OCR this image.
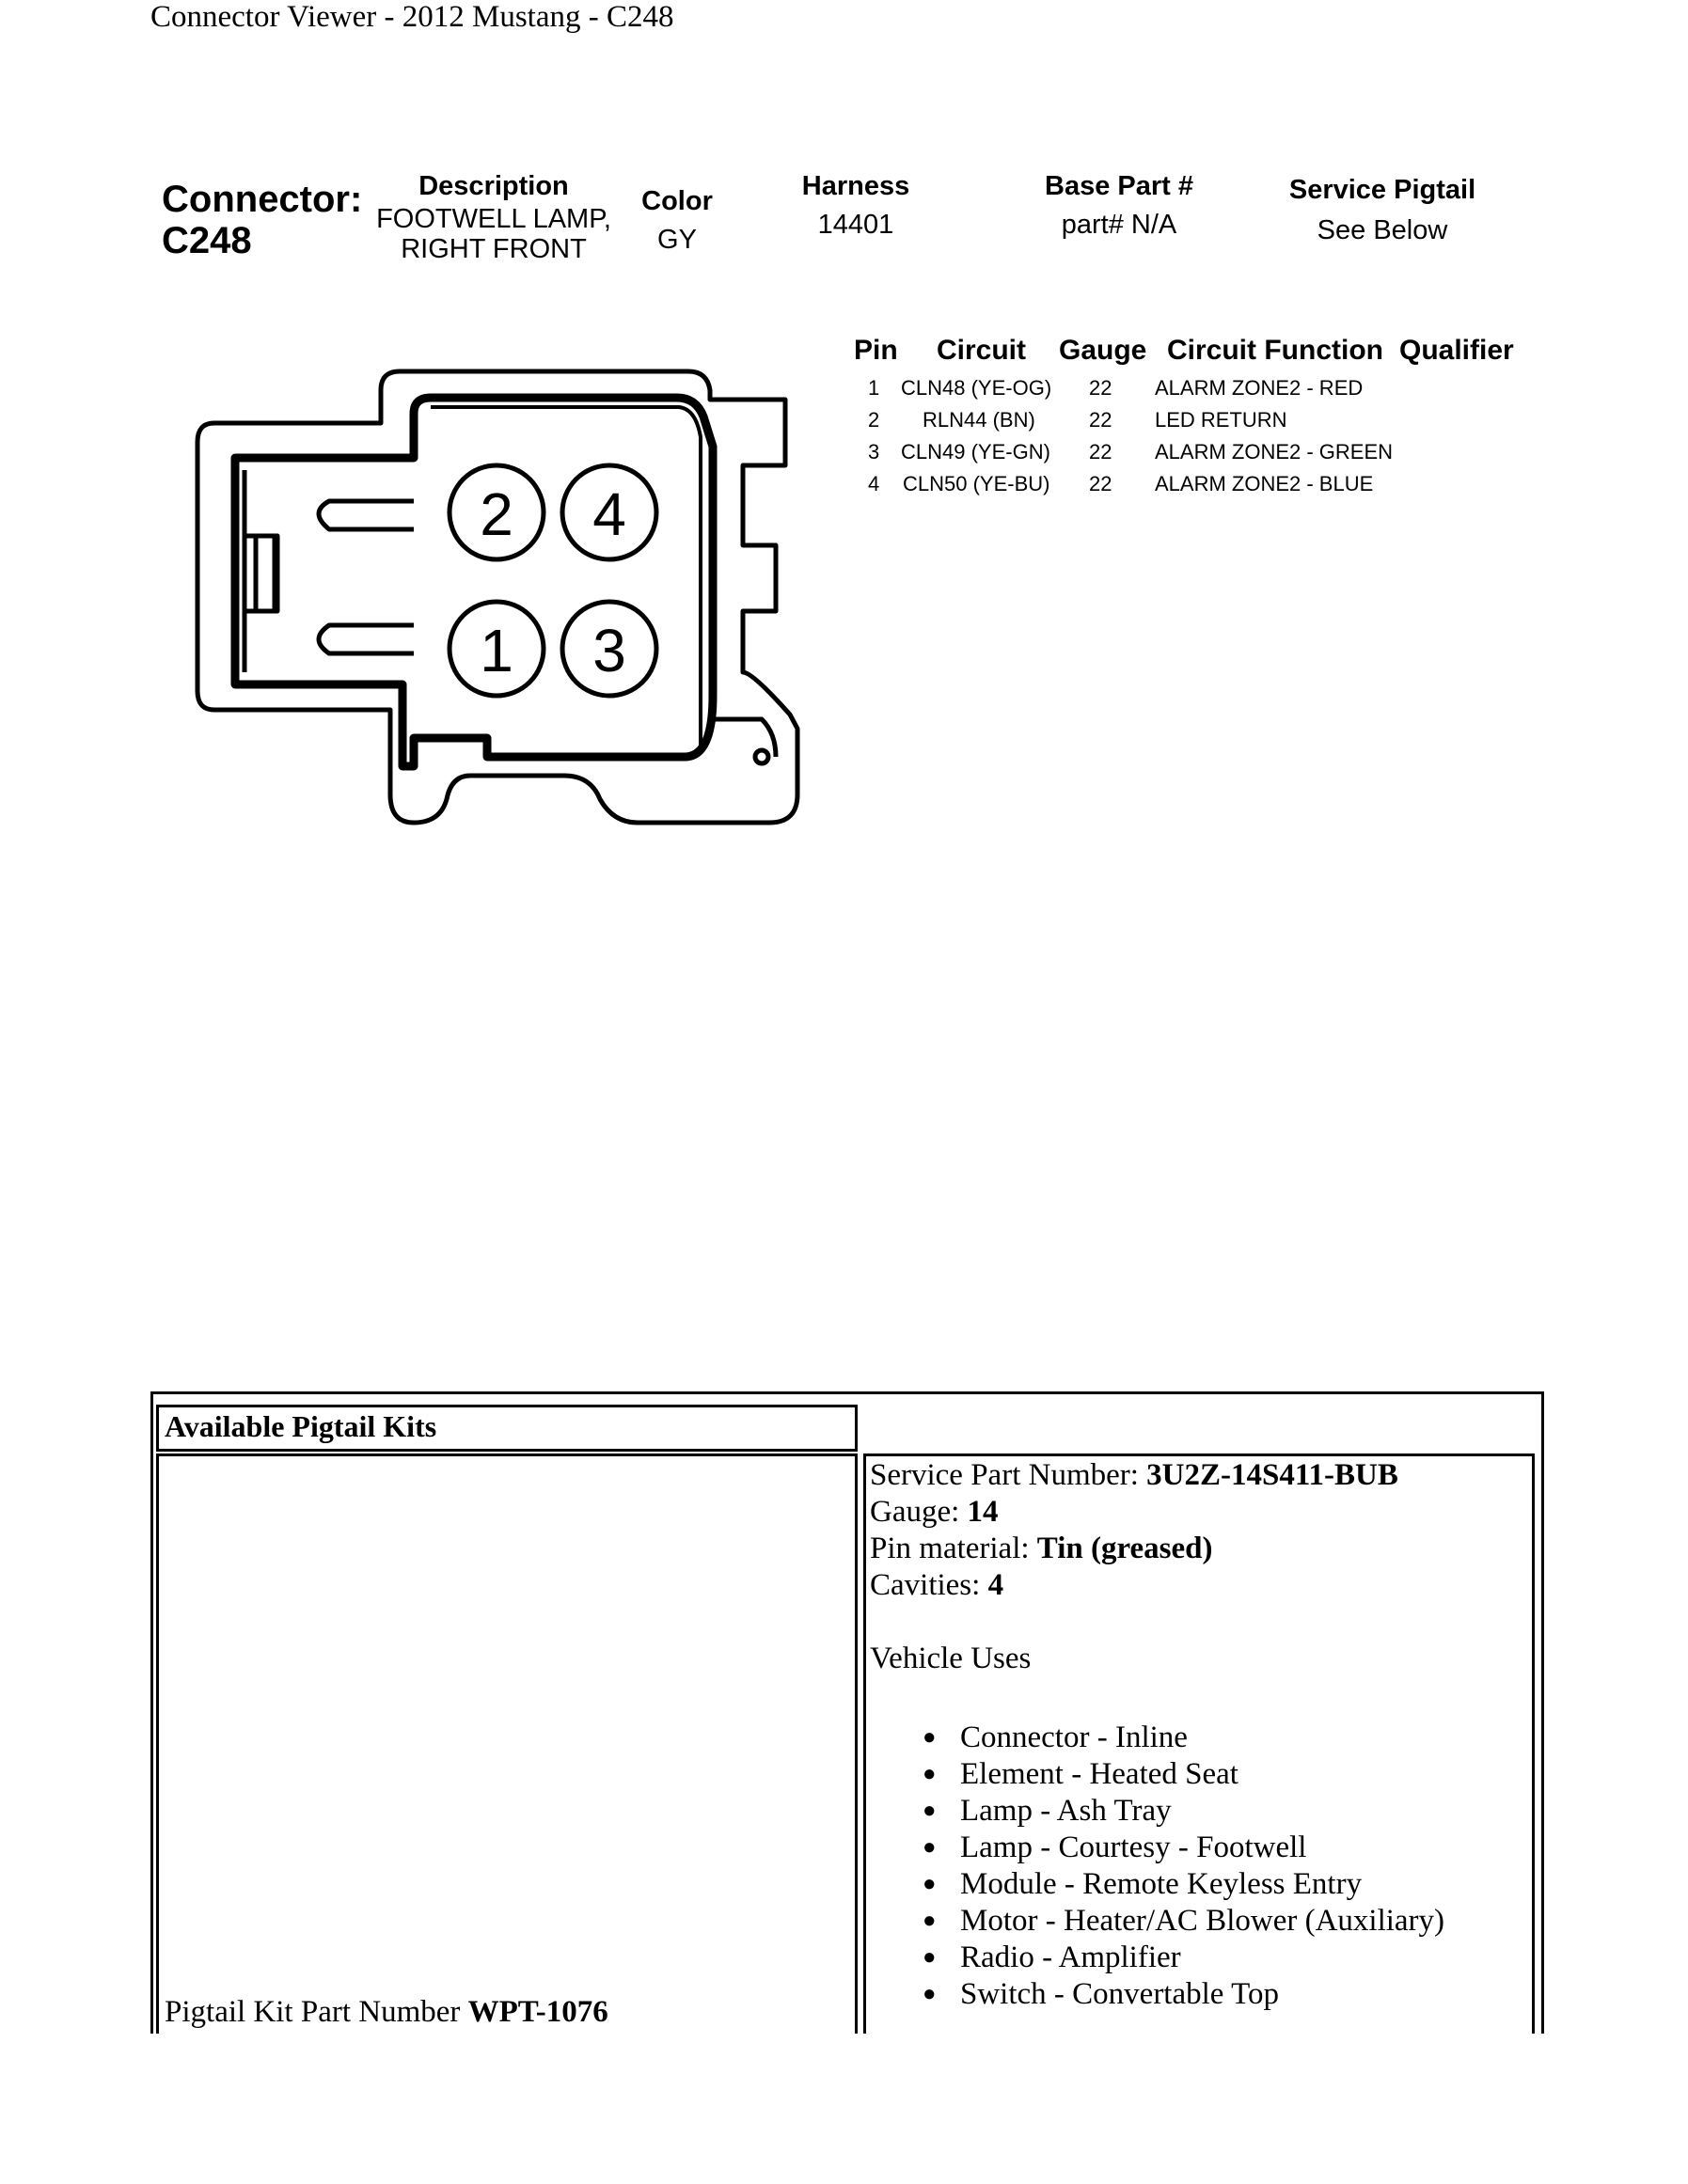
Connector Viewer - 2012 Mustang - C248
Connector:
C248
Description
FOOTWELL LAMP,
RIGHT FRONT
Color
GY
Harness
14401
Base Part #
part# N/A
Service Pigtail
See Below
Pin Circuit Gauge Circuit Function Qualifier
1 CLN48 (YE-OG) 22 ALARM ZONE2 - RED
2 RLN44 (BN)	22 LED RETURN
3 CLN49 (YE-GN) 22 ALARM ZONE2 - GREEN
4 CLN50 (YE-BU) 22 ALARM ZONE2 - BLUE
2 4
1 3
Available Pigtail Kits
Pigtail Kit Part Number WPT-1076
Service Part Number: 3U2Z-14S411-BUB
Gauge: 14
Pin material: Tin (greased)
Cavities: 4
Vehicle Uses
● Connector - Inline
● Element - Heated Seat
● Lamp - Ash Tray
● Lamp - Courtesy - Footwell
● Module - Remote Keyless Entry
● Motor - Heater/AC Blower (Auxiliary)
● Radio - Amplifier
● Switch - Convertable Top
